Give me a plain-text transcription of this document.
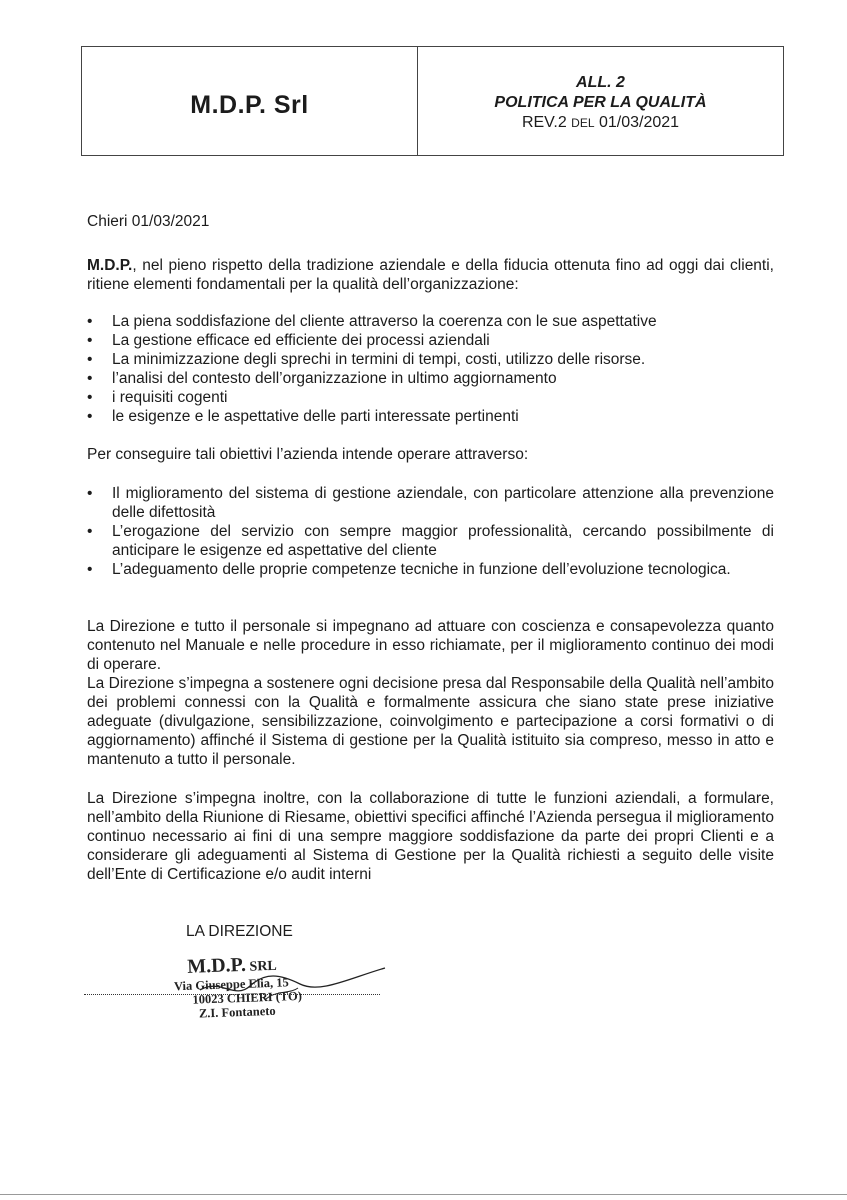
M.D.P. Srl
ALL. 2
POLITICA PER LA QUALITÀ
REV.2 DEL 01/03/2021
Chieri 01/03/2021

M.D.P., nel pieno rispetto della tradizione aziendale e della fiducia ottenuta fino ad oggi dai clienti, ritiene elementi fondamentali per la qualità dell’organizzazione:

• La piena soddisfazione del cliente attraverso la coerenza con le sue aspettative
• La gestione efficace ed efficiente dei processi aziendali
• La minimizzazione degli sprechi in termini di tempi, costi, utilizzo delle risorse.
• l’analisi del contesto dell’organizzazione in ultimo aggiornamento
• i requisiti cogenti
• le esigenze e le aspettative delle parti interessate pertinenti
Per conseguire tali obiettivi l’azienda intende operare attraverso:
• Il miglioramento del sistema di gestione aziendale, con particolare attenzione alla prevenzione delle difettosità
• L’erogazione del servizio con sempre maggior professionalità, cercando possibilmente di anticipare le esigenze ed aspettative del cliente
• L’adeguamento delle proprie competenze tecniche in funzione dell’evoluzione tecnologica.

La Direzione e tutto il personale si impegnano ad attuare con coscienza e consapevolezza quanto contenuto nel Manuale e nelle procedure in esso richiamate, per il miglioramento continuo dei modi di operare.

La Direzione s’impegna a sostenere ogni decisione presa dal Responsabile della Qualità nell’ambito dei problemi connessi con la Qualità e formalmente assicura che siano state prese iniziative adeguate (divulgazione, sensibilizzazione, coinvolgimento e partecipazione a corsi formativi o di aggiornamento) affinché il Sistema di gestione per la Qualità istituito sia compreso, messo in atto e mantenuto a tutto il personale.

La Direzione s’impegna inoltre, con la collaborazione di tutte le funzioni aziendali, a formulare, nell’ambito della Riunione di Riesame, obiettivi specifici affinché l’Azienda persegua il miglioramento continuo necessario ai fini di una sempre maggiore soddisfazione da parte dei propri Clienti e a considerare gli adeguamenti al Sistema di Gestione per la Qualità richiesti a seguito delle visite dell’Ente di Certificazione e/o audit interni
LA DIREZIONE
M.D.P. SRL
Via Giuseppe Elia, 15
10023 CHIERI (TO)
Z.I. Fontaneto
